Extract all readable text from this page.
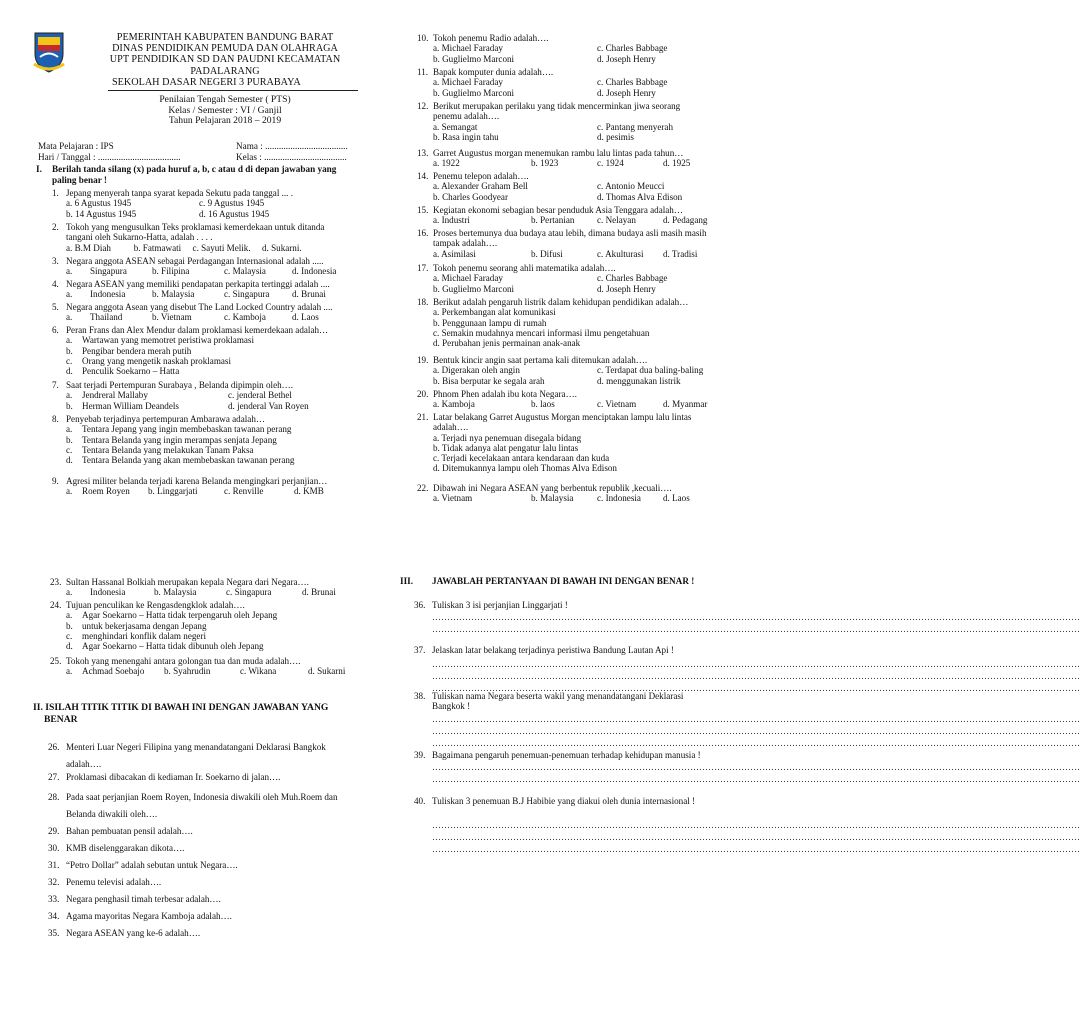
PEMERINTAH KABUPATEN BANDUNG BARAT
DINAS PENDIDIKAN PEMUDA DAN OLAHRAGA
UPT PENDIDIKAN SD DAN PAUDNI KECAMATAN
PADALARANG
SEKOLAH DASAR NEGERI 3 PURABAYA
Penilaian Tengah Semester ( PTS)
Kelas / Semester : VI / Ganjil
Tahun Pelajaran 2018 – 2019
Mata Pelajaran : IPS
Hari / Tanggal : ....................................
Nama : ....................................
Kelas : ....................................
I. Berilah tanda silang (x) pada huruf a, b, c atau d di depan jawaban yang
paling benar !
1. Jepang menyerah tanpa syarat kepada Sekutu pada tanggal ... .
a. 6 Agustus 1945	c. 9 Agustus 1945
b. 14 Agustus 1945	d. 16 Agustus 1945
2. Tokoh yang mengusulkan Teks proklamasi kemerdekaan untuk ditanda
tangani oleh Sukarno-Hatta, adalah . . . .
a. B.M Diah          b. Fatmawati     c. Sayuti Melik.     d. Sukarni.
3. Negara anggota ASEAN sebagai Perdagangan Internasional adalah .....
a.	Singapura	b. Filipina	c. Malaysia	d. Indonesia
4. Negara ASEAN yang memiliki pendapatan perkapita tertinggi adalah ....
a.	Indonesia	b. Malaysia	c. Singapura	d. Brunai
5. Negara anggota Asean yang disebut The Land Locked Country adalah ....
a.	Thailand	b. Vietnam	c. Kamboja	d. Laos
6. Peran Frans dan Alex Mendur dalam proklamasi kemerdekaan adalah…
a.	Wartawan yang memotret peristiwa proklamasi
b.	Pengibar bendera merah putih
c.	Orang yang mengetik naskah proklamasi
d.	Penculik Soekarno – Hatta
7. Saat terjadi Pertempuran Surabaya , Belanda dipimpin oleh….
a.	Jendreral Mallaby	c. jenderal Bethel
b.	Herman William Deandels	d. jenderal Van Royen
8. Penyebab terjadinya pertempuran Ambarawa adalah…
a.	Tentara Jepang yang ingin membebaskan tawanan perang
b.	Tentara Belanda yang ingin merampas senjata Jepang
c.	Tentara Belanda yang melakukan Tanam Paksa
d.	Tentara Belanda yang akan membebaskan tawanan perang
9. Agresi militer belanda terjadi karena Belanda mengingkari perjanjian…
a.	Roem Royen	b. Linggarjati	c. Renville	d. KMB
10. Tokoh penemu Radio adalah….
a. Michael Faraday	c. Charles Babbage
b. Guglielmo Marconi	d. Joseph Henry
11. Bapak komputer dunia adalah….
a. Michael Faraday	c. Charles Babbage
b. Guglielmo Marconi	d. Joseph Henry
12. Berikut merupakan perilaku yang tidak mencerminkan jiwa seorang
penemu adalah….
a. Semangat	c. Pantang menyerah
b. Rasa ingin tahu	d. pesimis
13. Garret Augustus morgan menemukan rambu lalu lintas pada tahun…
a. 1922	b. 1923	c. 1924	d. 1925
14. Penemu telepon adalah….
a. Alexander Graham Bell	c. Antonio Meucci
b. Charles Goodyear	d. Thomas Alva Edison
15. Kegiatan ekonomi sebagian besar penduduk Asia Tenggara adalah…
a. Industri	b. Pertanian	c. Nelayan	d. Pedagang
16. Proses bertemunya dua budaya atau lebih, dimana budaya asli masih masih
tampak adalah….
a. Asimilasi	b. Difusi	c. Akulturasi	d. Tradisi
17. Tokoh penemu seorang ahli matematika adalah….
a. Michael Faraday	c. Charles Babbage
b. Guglielmo Marconi	d. Joseph Henry
18. Berikut adalah pengaruh listrik dalam kehidupan pendidikan adalah…
a. Perkembangan alat komunikasi
b. Penggunaan lampu di rumah
c. Semakin mudahnya mencari informasi ilmu pengetahuan
d. Perubahan jenis permainan anak-anak
19. Bentuk kincir angin saat pertama kali ditemukan adalah….
a. Digerakan oleh angin	c. Terdapat dua baling-baling
b. Bisa berputar ke segala arah	d. menggunakan listrik
20. Phnom Phen adalah ibu kota Negara….
a. Kamboja	b. laos	c. Vietnam	d. Myanmar
21. Latar belakang Garret Augustus Morgan menciptakan lampu lalu lintas
adalah….
a. Terjadi nya penemuan disegala bidang
b. Tidak adanya alat pengatur lalu lintas
c. Terjadi kecelakaan antara kendaraan dan kuda
d. Ditemukannya lampu oleh Thomas Alva Edison
22. Dibawah ini Negara ASEAN yang berbentuk republik ,kecuali….
a. Vietnam	b. Malaysia	c. Indonesia	d. Laos
23. Sultan Hassanal Bolkiah merupakan kepala Negara dari Negara….
a.	Indonesia	b. Malaysia	c. Singapura	d. Brunai
24. Tujuan penculikan ke Rengasdengklok adalah….
a.	Agar Soekarno – Hatta tidak terpengaruh oleh Jepang
b.	untuk bekerjasama dengan Jepang
c.	menghindari konflik dalam negeri
d.	Agar Soekarno – Hatta tidak dibunuh oleh Jepang
25. Tokoh yang menengahi antara golongan tua dan muda adalah….
a.	Achmad Soebajo	b. Syahrudin	c. Wikana	d. Sukarni
II. ISILAH TITIK TITIK DI BAWAH INI DENGAN JAWABAN YANG
BENAR
26. Menteri Luar Negeri Filipina yang menandatangani Deklarasi Bangkok
adalah….
27. Proklamasi dibacakan di kediaman Ir. Soekarno di jalan….
28. Pada saat perjanjian Roem Royen, Indonesia diwakili oleh Muh.Roem dan
Belanda diwakili oleh….
29. Bahan pembuatan pensil adalah….
30. KMB diselenggarakan dikota….
31. “Petro Dollar” adalah sebutan untuk Negara….
32. Penemu televisi adalah….
33. Negara penghasil timah terbesar adalah….
34. Agama mayoritas Negara Kamboja adalah….
35. Negara ASEAN yang ke-6 adalah….
III. JAWABLAH PERTANYAAN DI BAWAH INI DENGAN BENAR !
36. Tuliskan 3 isi perjanjian Linggarjati !
………………………………………………………………………………………………………………………………………………………………………………………………
………………………………………………………………………………………………………………………………………………………………………………………………
37. Jelaskan latar belakang terjadinya peristiwa Bandung Lautan Api !
………………………………………………………………………………………………………………………………………………………………………………………………
………………………………………………………………………………………………………………………………………………………………………………………………
………………………………………………………………………………………………………………………………………………………………………………………………
38. Tuliskan nama Negara beserta wakil yang menandatangani Deklarasi
Bangkok !
………………………………………………………………………………………………………………………………………………………………………………………………
………………………………………………………………………………………………………………………………………………………………………………………………
………………………………………………………………………………………………………………………………………………………………………………………………
39. Bagaimana pengaruh penemuan-penemuan terhadap kehidupan manusia !
………………………………………………………………………………………………………………………………………………………………………………………………
………………………………………………………………………………………………………………………………………………………………………………………………
40. Tuliskan 3 penemuan B.J Habibie yang diakui oleh dunia internasional !
………………………………………………………………………………………………………………………………………………………………………………………………
………………………………………………………………………………………………………………………………………………………………………………………………
………………………………………………………………………………………………………………………………………………………………………………………………
